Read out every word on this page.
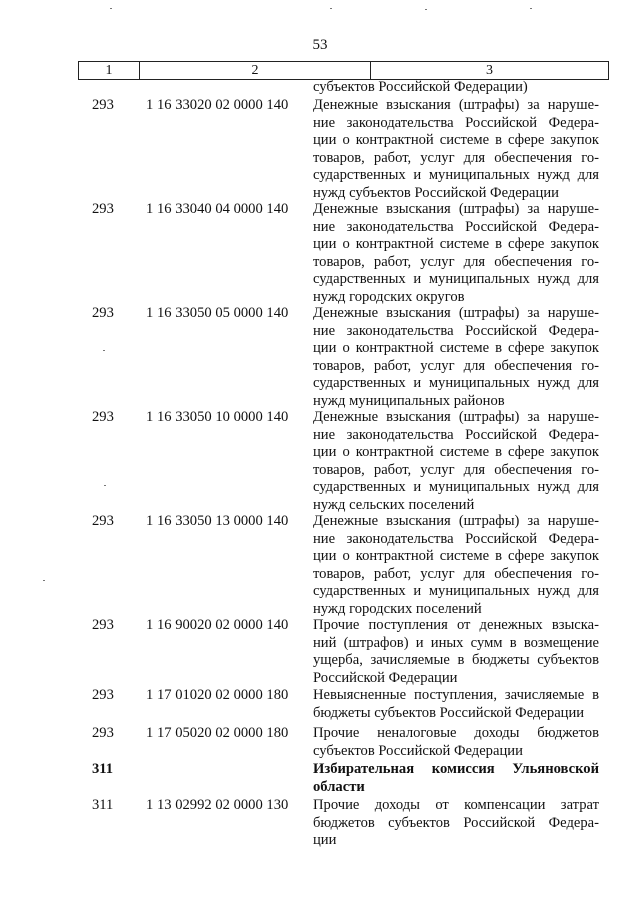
53
1	2	3
субъектов Российской Федерации)
293 1 16 33020 02 0000 140 Денежные взыскания (штрафы) за наруше-
ние законодательства Российской Федера-
ции о контрактной системе в сфере закупок
товаров, работ, услуг для обеспечения го-
сударственных и муниципальных нужд для
нужд субъектов Российской Федерации
293 1 16 33040 04 0000 140 Денежные взыскания (штрафы) за наруше-
ние законодательства Российской Федера-
ции о контрактной системе в сфере закупок
товаров, работ, услуг для обеспечения го-
сударственных и муниципальных нужд для
нужд городских округов
293 1 16 33050 05 0000 140 Денежные взыскания (штрафы) за наруше-
ние законодательства Российской Федера-
ции о контрактной системе в сфере закупок
товаров, работ, услуг для обеспечения го-
сударственных и муниципальных нужд для
нужд муниципальных районов
293 1 16 33050 10 0000 140 Денежные взыскания (штрафы) за наруше-
ние законодательства Российской Федера-
ции о контрактной системе в сфере закупок
товаров, работ, услуг для обеспечения го-
сударственных и муниципальных нужд для
нужд сельских поселений
293 1 16 33050 13 0000 140 Денежные взыскания (штрафы) за наруше-
ние законодательства Российской Федера-
ции о контрактной системе в сфере закупок
товаров, работ, услуг для обеспечения го-
сударственных и муниципальных нужд для
нужд городских поселений
293 1 16 90020 02 0000 140 Прочие поступления от денежных взыска-
ний (штрафов) и иных сумм в возмещение
ущерба, зачисляемые в бюджеты субъектов
Российской Федерации
293 1 17 01020 02 0000 180 Невыясненные поступления, зачисляемые в
бюджеты субъектов Российской Федерации
293 1 17 05020 02 0000 180 Прочие неналоговые доходы бюджетов
субъектов Российской Федерации
311	Избирательная комиссия Ульяновской
области
311 1 13 02992 02 0000 130 Прочие доходы от компенсации затрат
бюджетов субъектов Российской Федера-
ции
